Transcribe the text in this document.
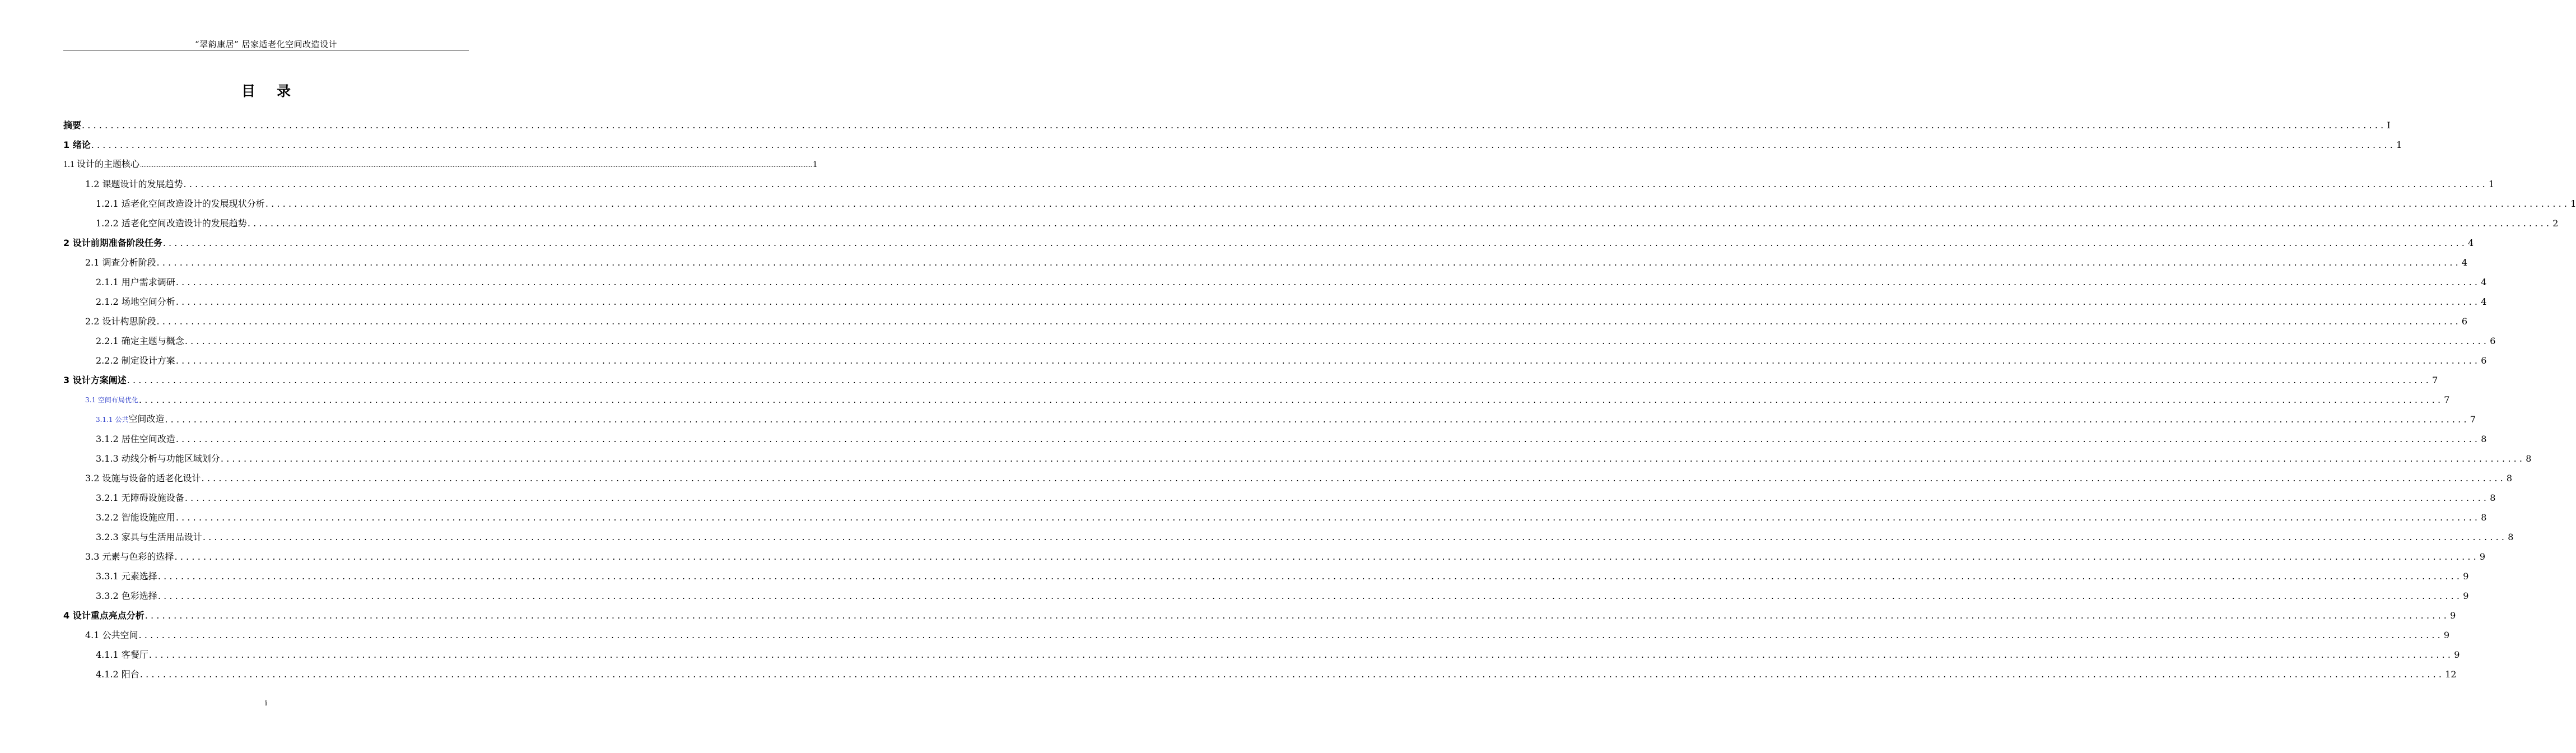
“翠韵康居” 居家适老化空间改造设计
目录
摘要 ................................................................................................................................................................................................................................................................................................................................................................................................................ Ⅰ
1 绪论 ................................................................................................................................................................................................................................................................................................................................................................................................................ 1
1.1 设计的主题核心 ................................................................................................................................................................................................................................................................................................................................................................................................................ 1
1.2 课题设计的发展趋势 ................................................................................................................................................................................................................................................................................................................................................................................................................ 1
1.2.1 适老化空间改造设计的发展现状分析 ................................................................................................................................................................................................................................................................................................................................................................................................................ 1
1.2.2 适老化空间改造设计的发展趋势 ................................................................................................................................................................................................................................................................................................................................................................................................................ 2
2 设计前期准备阶段任务 ................................................................................................................................................................................................................................................................................................................................................................................................................ 4
2.1 调查分析阶段 ................................................................................................................................................................................................................................................................................................................................................................................................................ 4
2.1.1 用户需求调研 ................................................................................................................................................................................................................................................................................................................................................................................................................ 4
2.1.2 场地空间分析 ................................................................................................................................................................................................................................................................................................................................................................................................................ 4
2.2 设计构思阶段 ................................................................................................................................................................................................................................................................................................................................................................................................................ 6
2.2.1 确定主题与概念 ................................................................................................................................................................................................................................................................................................................................................................................................................ 6
2.2.2 制定设计方案 ................................................................................................................................................................................................................................................................................................................................................................................................................ 6
3 设计方案阐述 ................................................................................................................................................................................................................................................................................................................................................................................................................ 7
3.1 空间布局优化 ................................................................................................................................................................................................................................................................................................................................................................................................................ 7
3.1.1 公共空间改造 ................................................................................................................................................................................................................................................................................................................................................................................................................ 7
3.1.2 居住空间改造 ................................................................................................................................................................................................................................................................................................................................................................................................................ 8
3.1.3 动线分析与功能区域划分 ................................................................................................................................................................................................................................................................................................................................................................................................................ 8
3.2 设施与设备的适老化设计 ................................................................................................................................................................................................................................................................................................................................................................................................................ 8
3.2.1 无障碍设施设备 ................................................................................................................................................................................................................................................................................................................................................................................................................ 8
3.2.2 智能设施应用 ................................................................................................................................................................................................................................................................................................................................................................................................................ 8
3.2.3 家具与生活用品设计 ................................................................................................................................................................................................................................................................................................................................................................................................................ 8
3.3 元素与色彩的选择 ................................................................................................................................................................................................................................................................................................................................................................................................................ 9
3.3.1 元素选择 ................................................................................................................................................................................................................................................................................................................................................................................................................ 9
3.3.2 色彩选择 ................................................................................................................................................................................................................................................................................................................................................................................................................ 9
4 设计重点亮点分析 ................................................................................................................................................................................................................................................................................................................................................................................................................ 9
4.1 公共空间 ................................................................................................................................................................................................................................................................................................................................................................................................................ 9
4.1.1 客餐厅 ................................................................................................................................................................................................................................................................................................................................................................................................................ 9
4.1.2 阳台 ................................................................................................................................................................................................................................................................................................................................................................................................................ 12
i
